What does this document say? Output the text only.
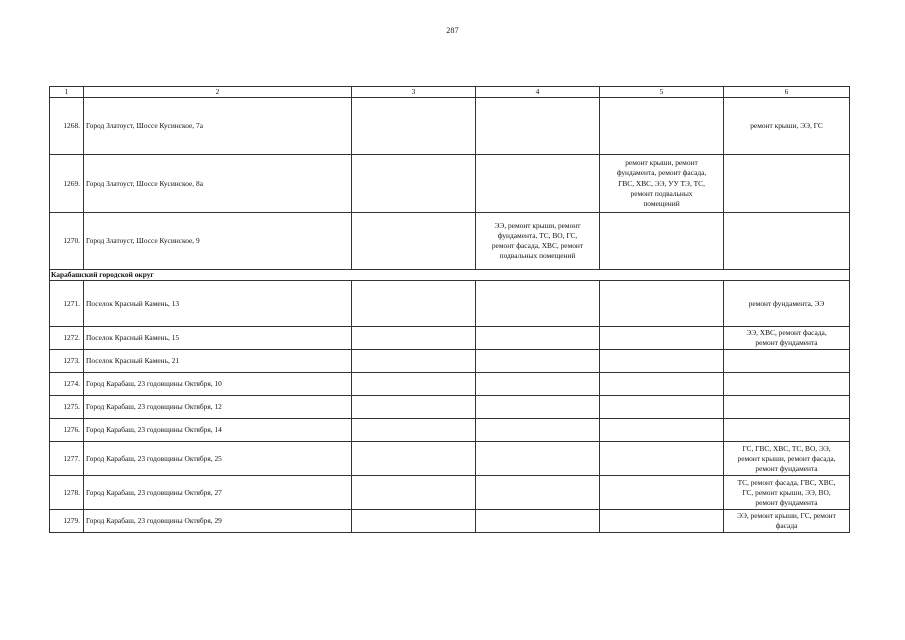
287
1	2	3	4	5	6
1268.	Город Златоуст, Шоссе Кусинское, 7а				ремонт крыши, ЭЭ, ГС

1269.	Город Златоуст, Шоссе Кусинское, 8а			ремонт крыши, ремонт
фундамента, ремонт фасада,
ГВС, ХВС, ЭЭ, УУ ТЭ, ТС,
ремонт подвальных
помещений	

1270.	Город Златоуст, Шоссе Кусинское, 9		ЭЭ, ремонт крыши, ремонт
фундамента, ТС, ВО, ГС,
ремонт фасада, ХВС, ремонт
подвальных помещений		

Карабашский городской округ					
1271.	Поселок Красный Камень, 13				ремонт фундамента, ЭЭ

1272.	Поселок Красный Камень, 15				ЭЭ, ХВС, ремонт фасада,
ремонт фундамента

1273.	Поселок Красный Камень, 21				
1274.	Город Карабаш, 23 годовщины Октября, 10				
1275.	Город Карабаш, 23 годовщины Октября, 12				
1276.	Город Карабаш, 23 годовщины Октября, 14				
1277.	Город Карабаш, 23 годовщины Октября, 25				ГС, ГВС, ХВС, ТС, ВО, ЭЭ,
ремонт крыши, ремонт фасада,
ремонт фундамента

1278.	Город Карабаш, 23 годовщины Октября, 27				ТС, ремонт фасада, ГВС, ХВС,
ГС, ремонт крыши, ЭЭ, ВО,
ремонт фундамента

1279.	Город Карабаш, 23 годовщины Октября, 29				ЭЭ, ремонт крыши, ГС, ремонт
фасада
